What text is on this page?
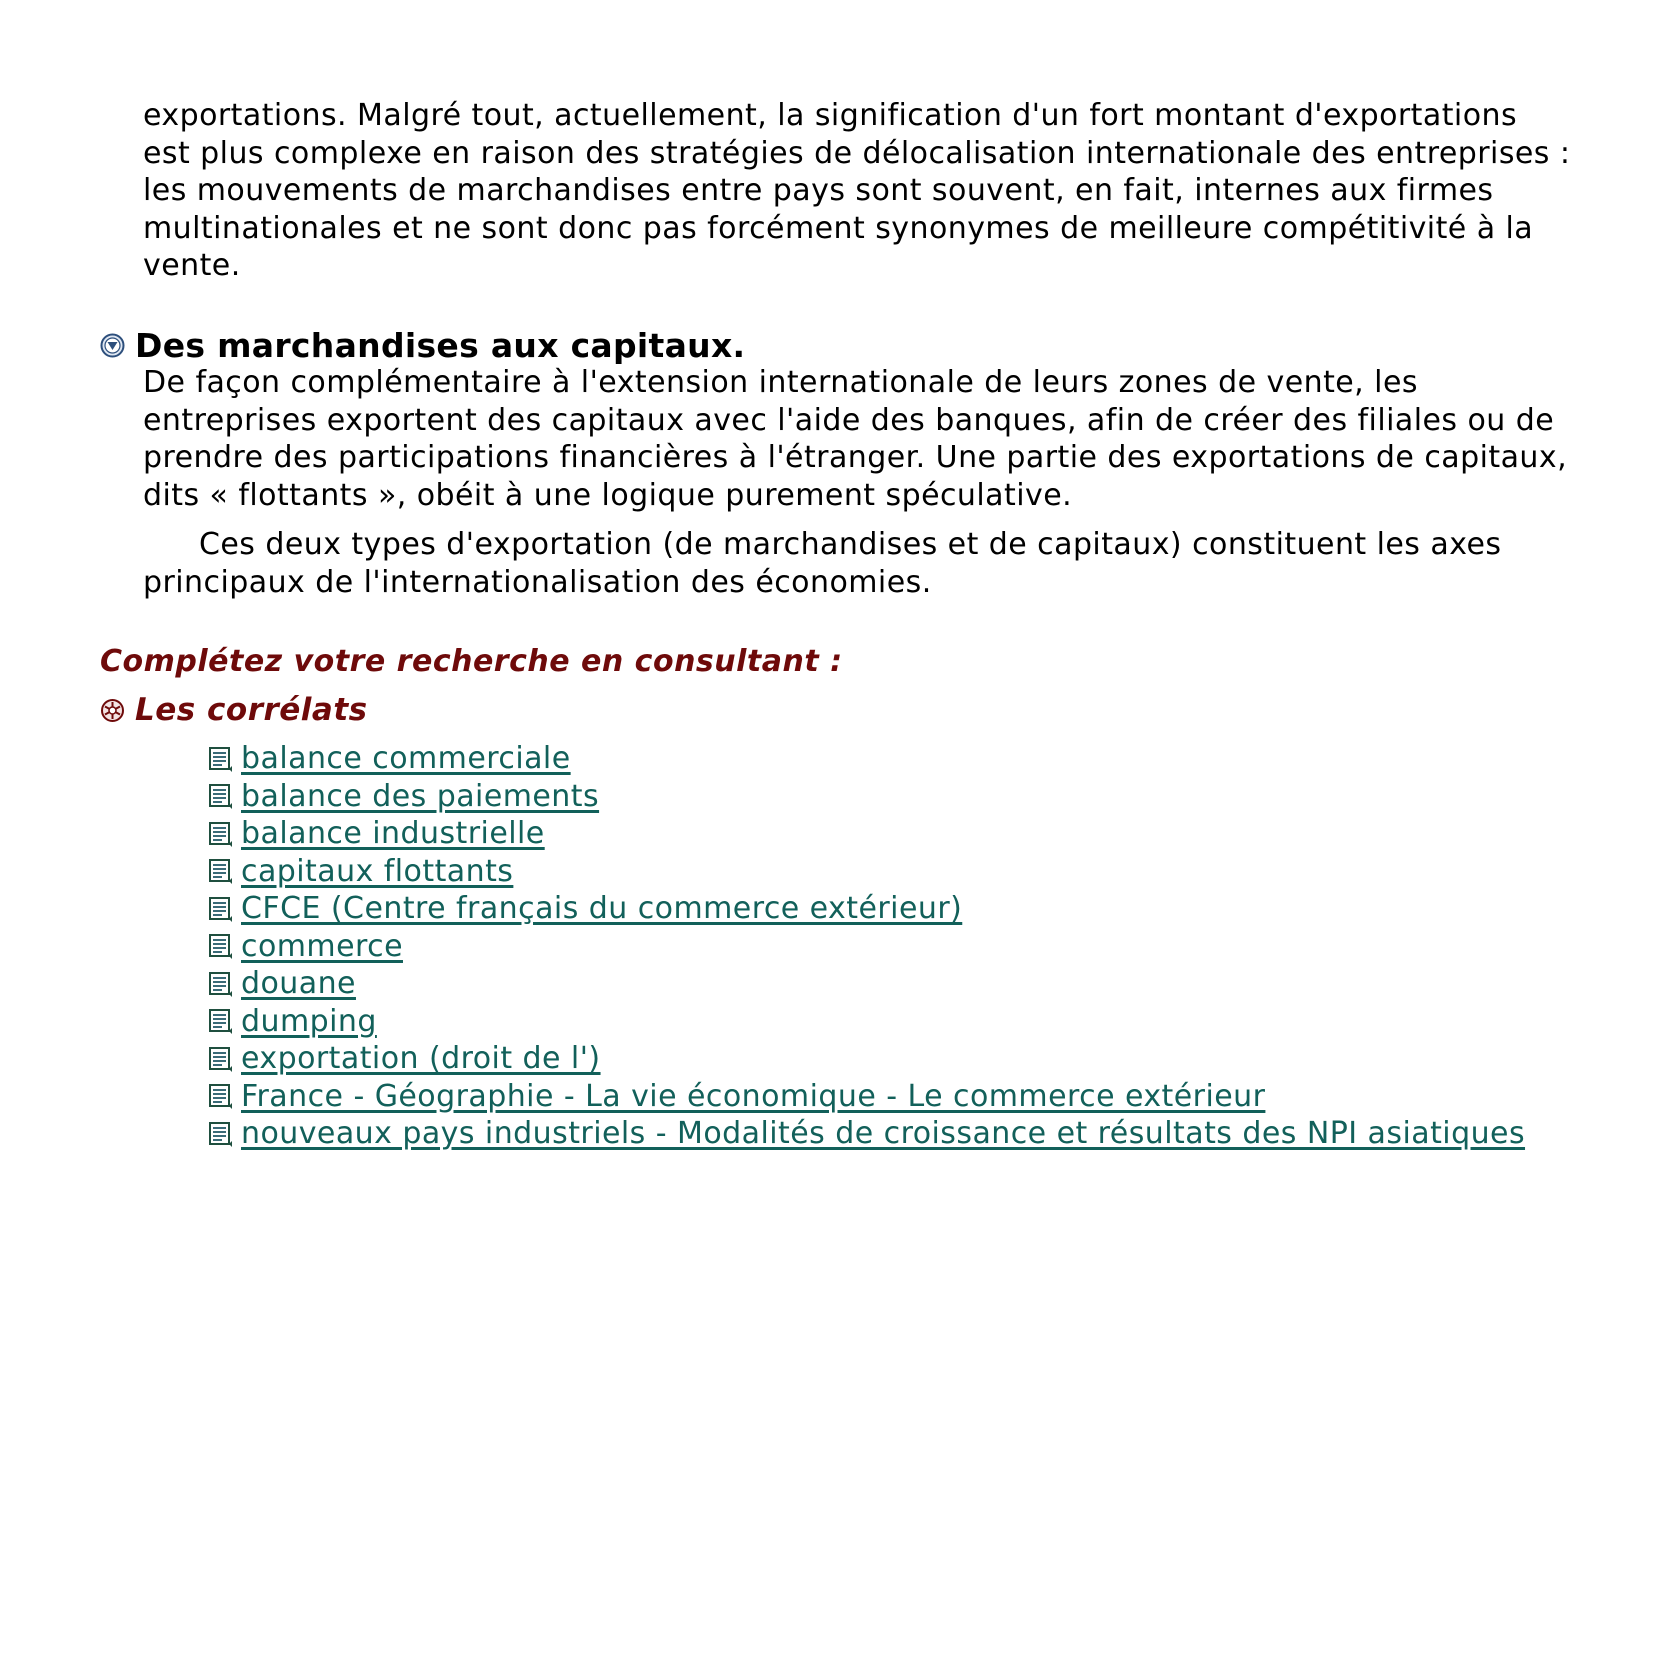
exportations. Malgré tout, actuellement, la signification d'un fort montant d'exportations
est plus complexe en raison des stratégies de délocalisation internationale des entreprises :
les mouvements de marchandises entre pays sont souvent, en fait, internes aux firmes
multinationales et ne sont donc pas forcément synonymes de meilleure compétitivité à la
vente.

Des marchandises aux capitaux.

De façon complémentaire à l'extension internationale de leurs zones de vente, les
entreprises exportent des capitaux avec l'aide des banques, afin de créer des filiales ou de
prendre des participations financières à l'étranger. Une partie des exportations de capitaux,
dits « flottants », obéit à une logique purement spéculative.

Ces deux types d'exportation (de marchandises et de capitaux) constituent les axes
principaux de l'internationalisation des économies.

Complétez votre recherche en consultant :
Les corrélats
balance commerciale
balance des paiements
balance industrielle
capitaux flottants
CFCE (Centre français du commerce extérieur)
commerce
douane
dumping
exportation (droit de l')
France - Géographie - La vie économique - Le commerce extérieur
nouveaux pays industriels - Modalités de croissance et résultats des NPI asiatiques
